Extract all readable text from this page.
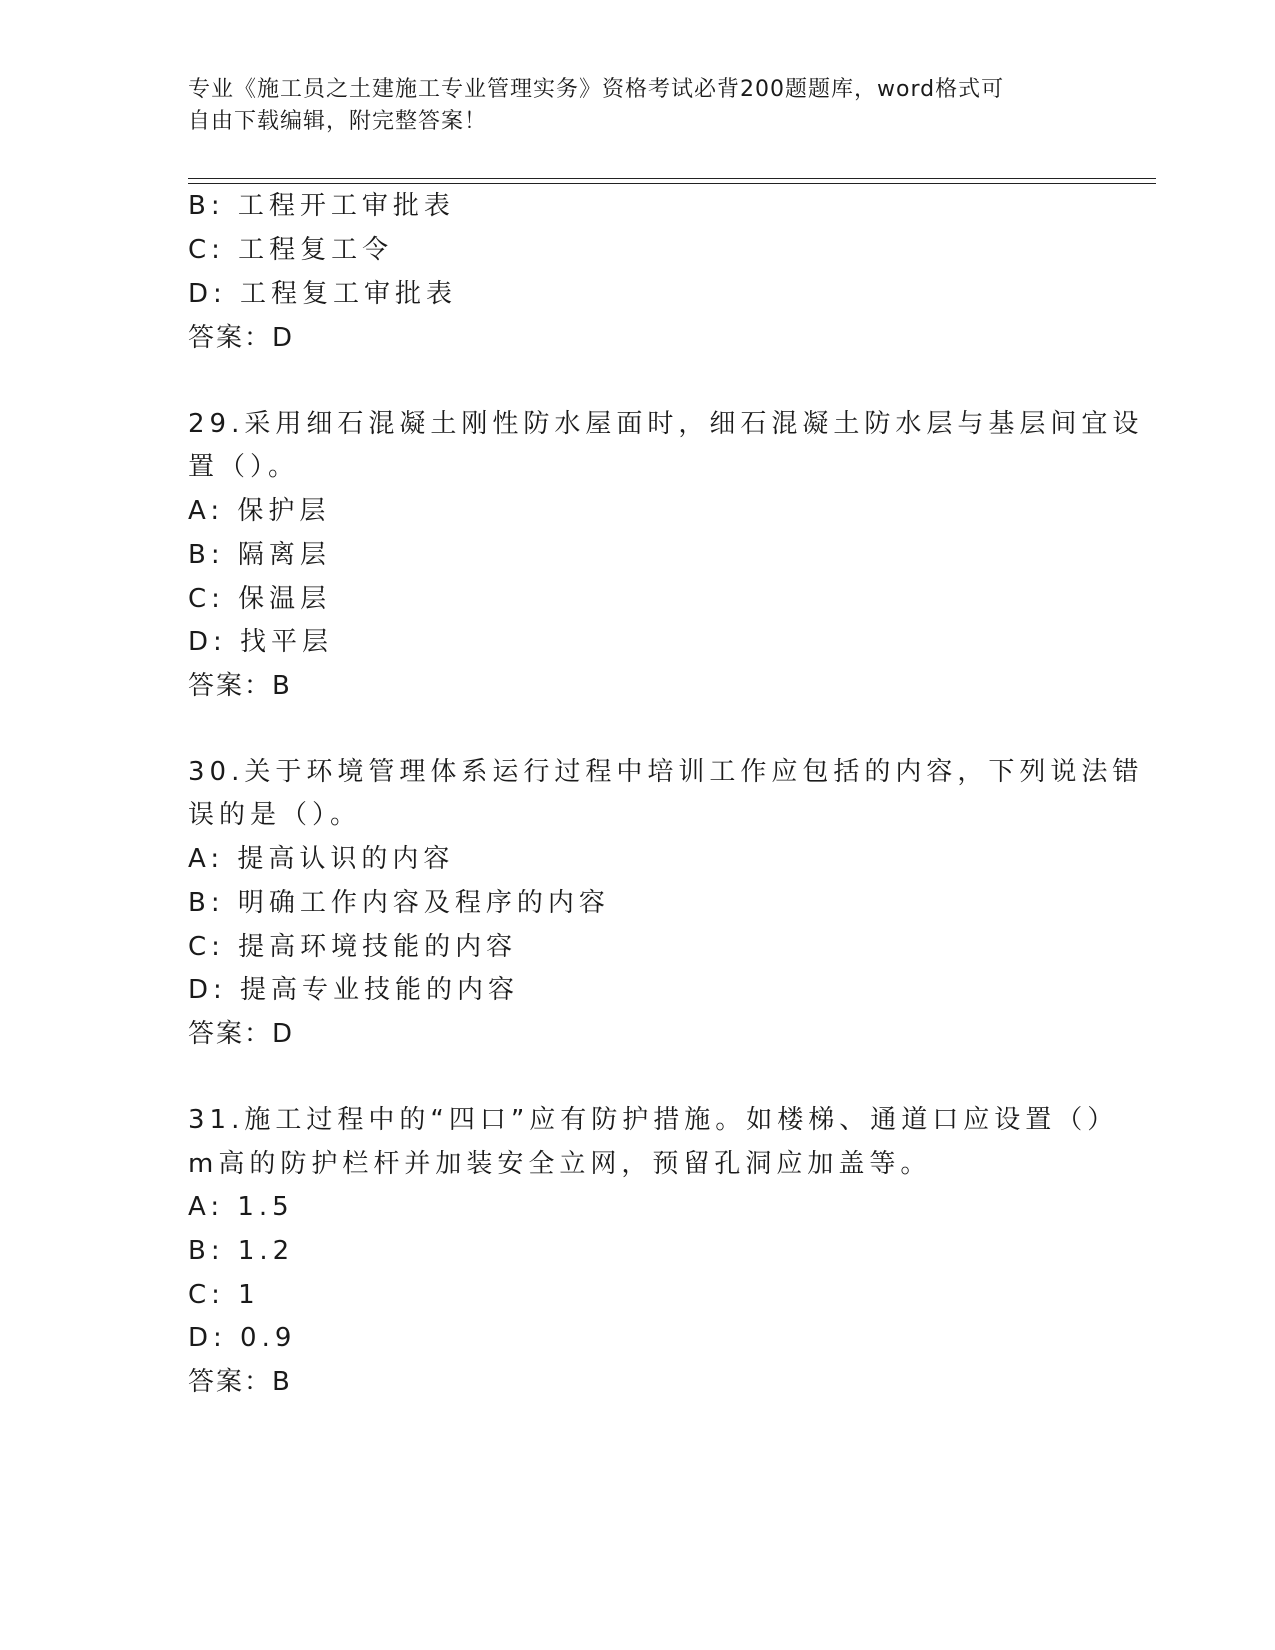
专业《施工员之土建施工专业管理实务》资格考试必背200题题库，word格式可
自由下载编辑，附完整答案！
B: 工程开工审批表
C: 工程复工令
D: 工程复工审批表
答案：D
29.采用细石混凝土刚性防水屋面时，细石混凝土防水层与基层间宜设
置（）。
A: 保护层
B: 隔离层
C: 保温层
D: 找平层
答案：B
30.关于环境管理体系运行过程中培训工作应包括的内容，下列说法错
误的是（）。
A: 提高认识的内容
B: 明确工作内容及程序的内容
C: 提高环境技能的内容
D: 提高专业技能的内容
答案：D
31.施工过程中的“四口”应有防护措施。如楼梯、通道口应设置（）
m高的防护栏杆并加装安全立网，预留孔洞应加盖等。
A: 1.5
B: 1.2
C: 1
D: 0.9
答案：B
